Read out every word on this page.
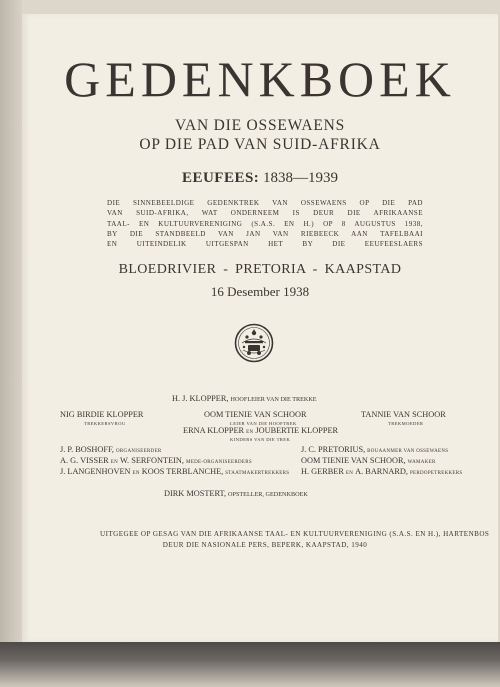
GEDENKBOEK
VAN DIE OSSEWAENS
OP DIE PAD VAN SUID-AFRIKA
EEUFEES: 1838—1939
DIE SINNEBEELDIGE GEDENKTREK VAN OSSEWAENS OP DIE PAD
VAN SUID-AFRIKA, WAT ONDERNEEM IS DEUR DIE AFRIKAANSE
TAAL- EN KULTUURVERENIGING (S.A.S. EN H.) OP 8 AUGUSTUS 1938,
BY DIE STANDBEELD VAN JAN VAN RIEBEECK AAN TAFELBAAI
EN UITEINDELIK UITGESPAN HET BY DIE EEUFEESLAERS
BLOEDRIVIER - PRETORIA - KAAPSTAD
16 Desember 1938
H. J. KLOPPER, HOOFLEIER VAN DIE TREKKE
NIG BIRDIE KLOPPER
TREKKERSVROU
OOM TIENIE VAN SCHOOR
LEIER VAN DIE HOOFTREK
TANNIE VAN SCHOOR
TREKMOEDER
ERNA KLOPPER EN JOUBERTIE KLOPPER
KINDERS VAN DIE TREK
J. P. BOSHOFF, ORGANISEERDER	J. C. PRETORIUS, BOUAANMER VAN OSSEWAENS
A. G. VISSER EN W. SERFONTEIN, MEDE-ORGANISEERDERS	OOM TIENIE VAN SCHOOR, WAMAKER
J. LANGENHOVEN EN KOOS TERBLANCHE, STAATMAKERTREKKERS H. GERBER EN A. BARNARD, PERDOPETREKKERS
DIRK MOSTERT, OPSTELLER, GEDENKBOEK
UITGEGEE OP GESAG VAN DIE AFRIKAANSE TAAL- EN KULTUURVERENIGING (S.A.S. EN H.), HARTENBOS
DEUR DIE NASIONALE PERS, BEPERK, KAAPSTAD, 1940
